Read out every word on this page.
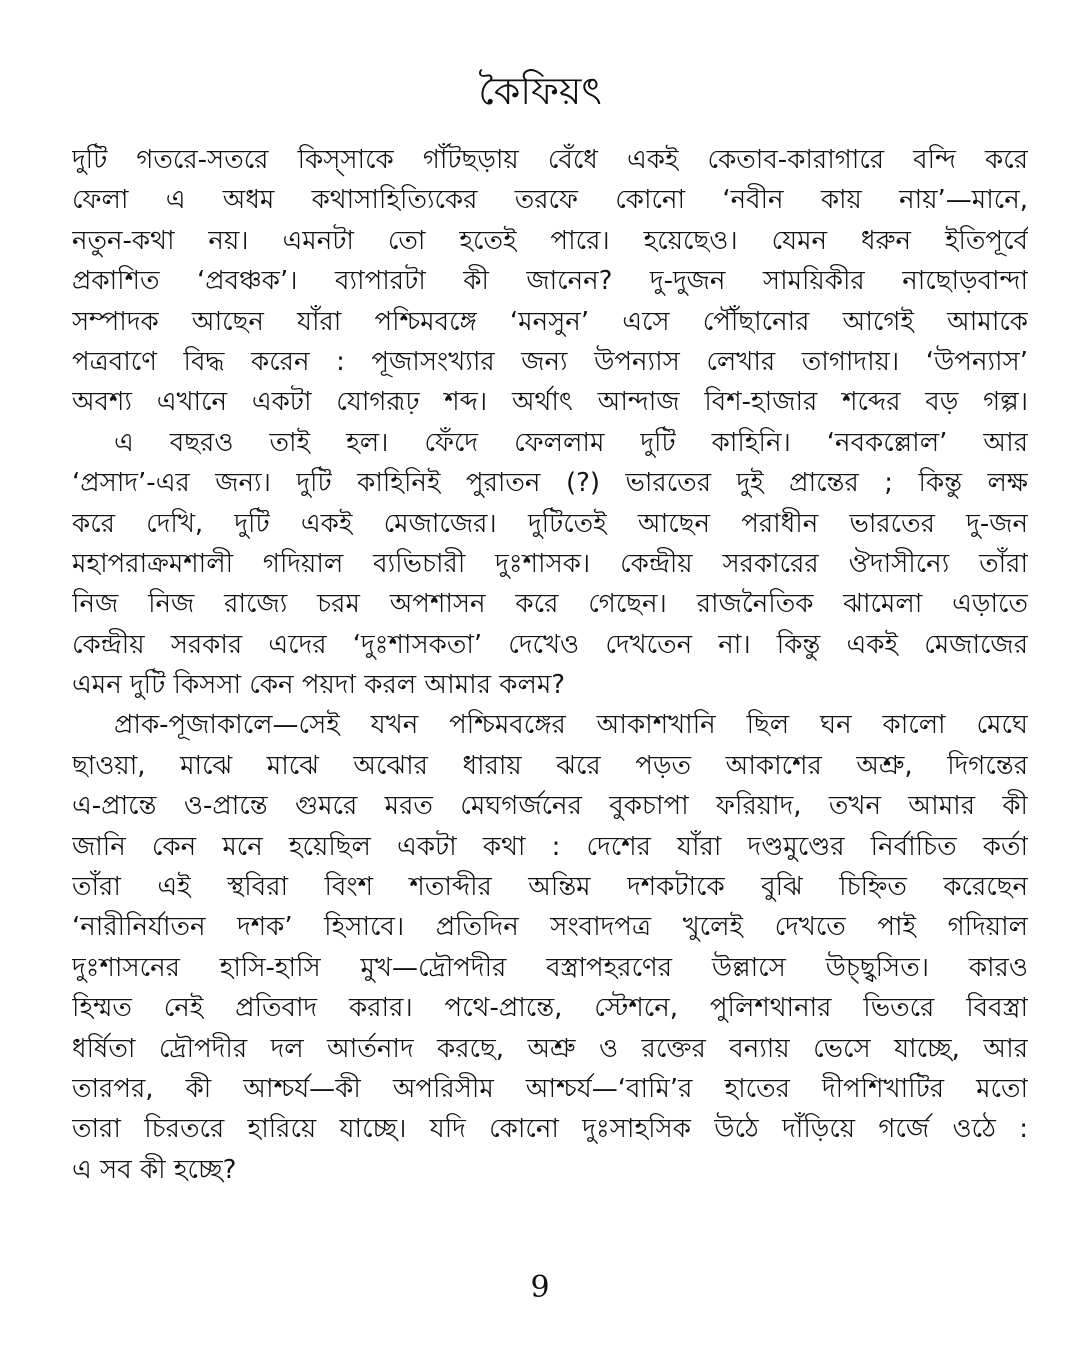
কৈফিয়ৎ
দুটি গতরে-সতরে কিস্‌সাকে গাঁটছড়ায় বেঁধে একই কেতাব-কারাগারে বন্দি করে
ফেলা এ অধম কথাসাহিত্যিকের তরফে কোনো ‘নবীন কায় নায়’—মানে,
নতুন-কথা নয়। এমনটা তো হতেই পারে। হয়েছেও। যেমন ধরুন ইতিপূর্বে
প্রকাশিত ‘প্রবঞ্চক’। ব্যাপারটা কী জানেন? দু-দুজন সাময়িকীর নাছোড়বান্দা
সম্পাদক আছেন যাঁরা পশ্চিমবঙ্গে ‘মনসুন’ এসে পৌঁছানোর আগেই আমাকে
পত্রবাণে বিদ্ধ করেন : পূজাসংখ্যার জন্য উপন্যাস লেখার তাগাদায়। ‘উপন্যাস’
অবশ্য এখানে একটা যোগরূঢ় শব্দ। অর্থাৎ আন্দাজ বিশ-হাজার শব্দের বড় গল্প।
এ বছরও তাই হল। ফেঁদে ফেললাম দুটি কাহিনি। ‘নবকল্লোল’ আর
‘প্রসাদ’-এর জন্য। দুটি কাহিনিই পুরাতন (?) ভারতের দুই প্রান্তের ; কিন্তু লক্ষ
করে দেখি, দুটি একই মেজাজের। দুটিতেই আছেন পরাধীন ভারতের দু-জন
মহাপরাক্রমশালী গদিয়াল ব্যভিচারী দুঃশাসক। কেন্দ্রীয় সরকারের ঔদাসীন্যে তাঁরা
নিজ নিজ রাজ্যে চরম অপশাসন করে গেছেন। রাজনৈতিক ঝামেলা এড়াতে
কেন্দ্রীয় সরকার এদের ‘দুঃশাসকতা’ দেখেও দেখতেন না। কিন্তু একই মেজাজের
এমন দুটি কিসসা কেন পয়দা করল আমার কলম?
প্রাক-পূজাকালে—সেই যখন পশ্চিমবঙ্গের আকাশখানি ছিল ঘন কালো মেঘে
ছাওয়া, মাঝে মাঝে অঝোর ধারায় ঝরে পড়ত আকাশের অশ্রু, দিগন্তের
এ-প্রান্তে ও-প্রান্তে গুমরে মরত মেঘগর্জনের বুকচাপা ফরিয়াদ, তখন আমার কী
জানি কেন মনে হয়েছিল একটা কথা : দেশের যাঁরা দণ্ডমুণ্ডের নির্বাচিত কর্তা
তাঁরা এই স্থবিরা বিংশ শতাব্দীর অন্তিম দশকটাকে বুঝি চিহ্নিত করেছেন
‘নারীনির্যাতন দশক’ হিসাবে। প্রতিদিন সংবাদপত্র খুলেই দেখতে পাই গদিয়াল
দুঃশাসনের হাসি-হাসি মুখ—দ্রৌপদীর বস্ত্রাপহরণের উল্লাসে উচ্ছ্বসিত। কারও
হিম্মত নেই প্রতিবাদ করার। পথে-প্রান্তে, স্টেশনে, পুলিশথানার ভিতরে বিবস্ত্রা
ধর্ষিতা দ্রৌপদীর দল আর্তনাদ করছে, অশ্রু ও রক্তের বন্যায় ভেসে যাচ্ছে, আর
তারপর, কী আশ্চর্য—কী অপরিসীম আশ্চর্য—‘বামি’র হাতের দীপশিখাটির মতো
তারা চিরতরে হারিয়ে যাচ্ছে। যদি কোনো দুঃসাহসিক উঠে দাঁড়িয়ে গর্জে ওঠে :
এ সব কী হচ্ছে?
9
